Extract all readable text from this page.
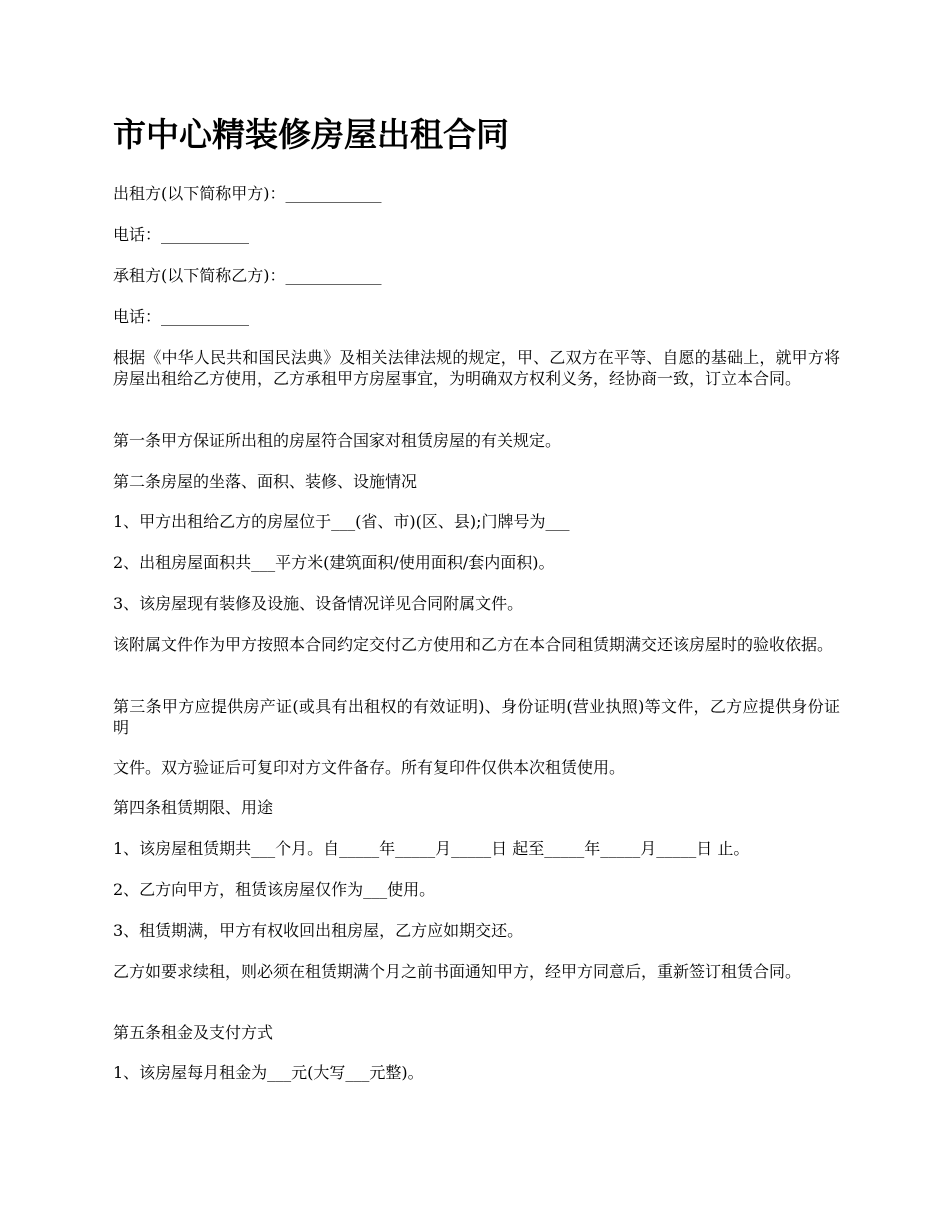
市中心精装修房屋出租合同

出租方(以下简称甲方)：____________

电话：___________

承租方(以下简称乙方)：____________

电话：___________

根据《中华人民共和国民法典》及相关法律法规的规定，甲、乙双方在平等、自愿的基础上，就甲方将房屋出租给乙方使用，乙方承租甲方房屋事宜，为明确双方权利义务，经协商一致，订立本合同。

第一条甲方保证所出租的房屋符合国家对租赁房屋的有关规定。

第二条房屋的坐落、面积、装修、设施情况

1、甲方出租给乙方的房屋位于___(省、市)(区、县);门牌号为___

2、出租房屋面积共___平方米(建筑面积/使用面积/套内面积)。

3、该房屋现有装修及设施、设备情况详见合同附属文件。

该附属文件作为甲方按照本合同约定交付乙方使用和乙方在本合同租赁期满交还该房屋时的验收依据。

第三条甲方应提供房产证(或具有出租权的有效证明)、身份证明(营业执照)等文件，乙方应提供身份证明

文件。双方验证后可复印对方文件备存。所有复印件仅供本次租赁使用。

第四条租赁期限、用途

1、该房屋租赁期共___个月。自_____年_____月_____日 起至_____年_____月_____日 止。

2、乙方向甲方，租赁该房屋仅作为___使用。

3、租赁期满，甲方有权收回出租房屋，乙方应如期交还。

乙方如要求续租，则必须在租赁期满个月之前书面通知甲方，经甲方同意后，重新签订租赁合同。

第五条租金及支付方式

1、该房屋每月租金为___元(大写___元整)。
